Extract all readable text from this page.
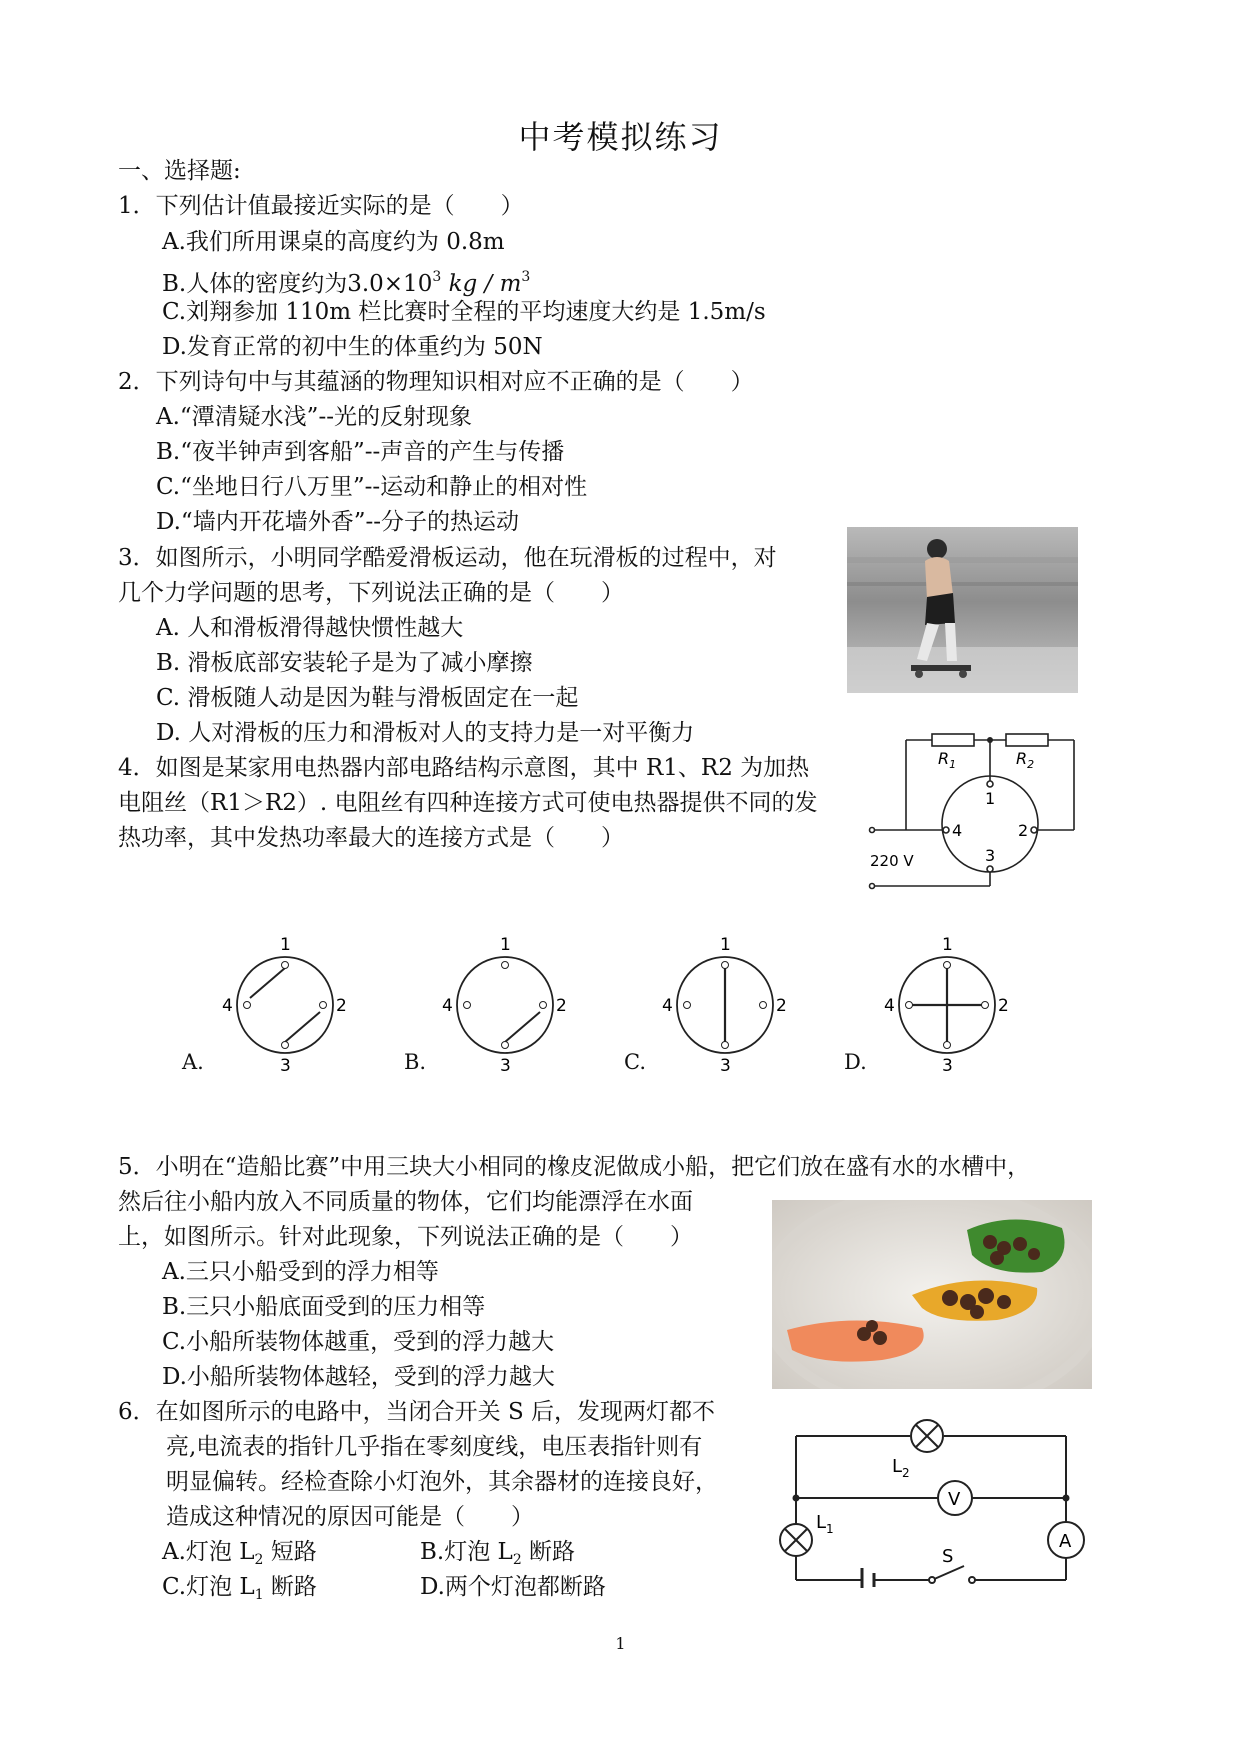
中考模拟练习
一、选择题:
1．下列估计值最接近实际的是（　　）
A.我们所用课桌的高度约为 0.8m
B.人体的密度约为$3.0\times 10^3$ kg / $m^3$
C.刘翔参加 110m 栏比赛时全程的平均速度大约是 1.5m/s
D.发育正常的初中生的体重约为 50N
2．下列诗句中与其蕴涵的物理知识相对应不正确的是（　　）
A.“潭清疑水浅”--光的反射现象
B.“夜半钟声到客船”--声音的产生与传播
C.“坐地日行八万里”--运动和静止的相对性
D.“墙内开花墙外香”--分子的热运动
3．如图所示，小明同学酷爱滑板运动，他在玩滑板的过程中，对
几个力学问题的思考，下列说法正确的是（　　）
A. 人和滑板滑得越快惯性越大
B. 滑板底部安装轮子是为了减小摩擦
C. 滑板随人动是因为鞋与滑板固定在一起
D. 人对滑板的压力和滑板对人的支持力是一对平衡力
4．如图是某家用电热器内部电路结构示意图，其中 R1、R2 为加热
电阻丝（R1＞R2）. 电阻丝有四种连接方式可使电热器提供不同的发
热功率，其中发热功率最大的连接方式是（　　）
$R_1$	$R_2$
1
4	2
3
220 V
1
4	2
3
A.
1
4	2
3
B.
1
4	2
3
C.
1
4	2
3
D.
5．小明在“造船比赛”中用三块大小相同的橡皮泥做成小船，把它们放在盛有水的水槽中，
然后往小船内放入不同质量的物体，它们均能漂浮在水面
上，如图所示。针对此现象，下列说法正确的是（　　）
A.三只小船受到的浮力相等
B.三只小船底面受到的压力相等
C.小船所装物体越重，受到的浮力越大
D.小船所装物体越轻，受到的浮力越大
6．在如图所示的电路中，当闭合开关 S 后，发现两灯都不
亮,电流表的指针几乎指在零刻度线，电压表指针则有
明显偏转。经检查除小灯泡外，其余器材的连接良好，
造成这种情况的原因可能是（　　）
A.灯泡 $L_2$ 短路	B.灯泡 $L_2$ 断路
C.灯泡 $L_1$ 断路	D.两个灯泡都断路
$L_2$
$L_1$
V
A
S
1
